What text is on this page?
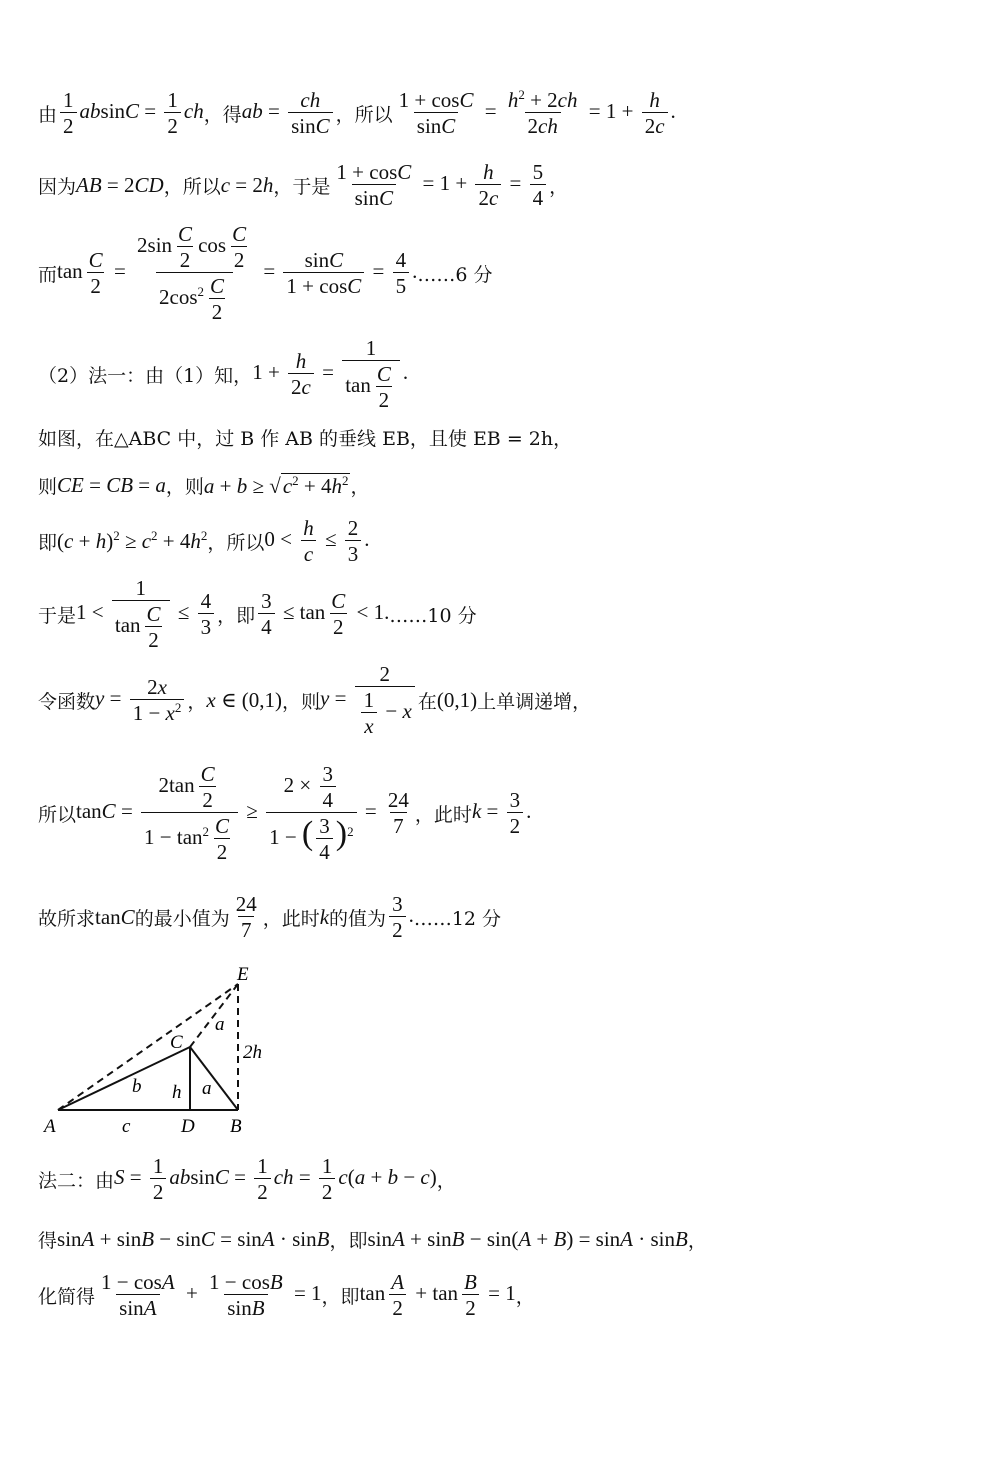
由 $\frac{1}{2}$ $absinC = \frac{1}{2}$ ch ，得 ab = $\frac{ch}{\sin C}$ ，所以 $\frac{1 + \cos C}{\sin C} = \frac{h^2 + 2ch}{2ch} = 1 + \frac{h}{2c}$ .
因为 AB = 2CD ，所以 c = 2h ，于是 $\frac{1 + \cos C}{\sin C} = 1 + \frac{h}{2c} = \frac{5}{4}$ ，
而 $\tan \frac{C}{2} = \frac{2\sin \frac{C}{2} \cos \frac{C}{2}}{2\cos^2 \frac{C}{2}} = \frac{\sin C}{1 + \cos C} = \frac{4}{5}$ . ……6 分
（2）法一：由（1）知， $1 + \frac{h}{2c} = \frac{1}{\tan \frac{C}{2}}$ .
如图，在△ABC 中，过 B 作 AB 的垂线 EB，且使 EB = 2h，
则 CE = CB = a ，则 $a + b \ge √c^2 + 4h^2$ ，
即 $(c + h)^2 \ge c^2 + 4h^2$ ，所以 $0 < \frac{h}{c} \le \frac{2}{3}$ .
于是 $1 < \frac{1}{\tan \frac{C}{2}} \le \frac{4}{3}$ ，即 $\frac{3}{4} \le \tan \frac{C}{2} < 1$. ……10 分
令函数 $y = \frac{2x}{1 - x^2}$ ， x ∈ (0,1) ，则 $y = \frac{2}{\frac{1}{x} - x}$ 在 (0,1) 上单调递增，
所以 $\tan C = \frac{2\tan \frac{C}{2}}{1 - \tan^2 \frac{C}{2}} \ge \frac{2 \times \frac{3}{4}}{1 - ( \frac{3}{4} )^2} = \frac{24}{7}$ ，此时 $k = \frac{3}{2}$ .
故所求 tanC 的最小值为 $\frac{24}{7}$ ，此时 k 的值为 $\frac{3}{2}$ . ……12 分
E
C
A	D B
a
a
b
c
h
2h
法二：由 $S = \frac{1}{2}$ $absinC = \frac{1}{2}$ ch = $\frac{1}{2} c(a + b - c)$ ，
得 sinA + sinB − sinC = sinA · sinB ，即 sinA + sinB − sin(A + B) = sinA · sinB ，
化简得 $\frac{1 - \cos A}{\sin A} + \frac{1 - \cos B}{\sin B} = 1$ ，即 $\tan \frac{A}{2} + \tan \frac{B}{2} = 1$ ，
